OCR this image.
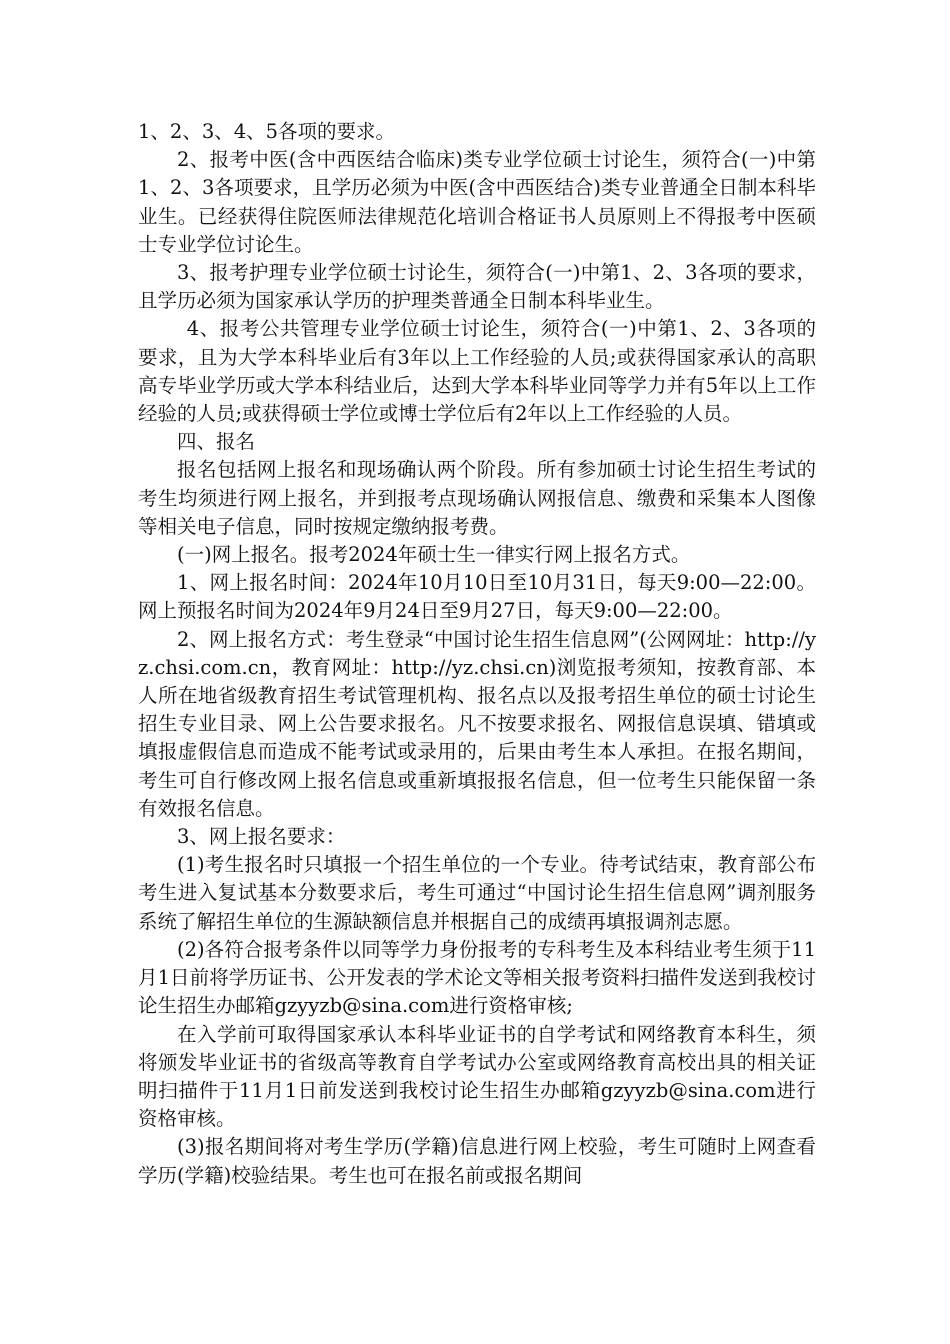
1、2、3、4、5各项的要求。

2、报考中医(含中西医结合临床)类专业学位硕士讨论生，须符合(一)中第1、2、3各项要求，且学历必须为中医(含中西医结合)类专业普通全日制本科毕业生。已经获得住院医师法律规范化培训合格证书人员原则上不得报考中医硕士专业学位讨论生。

3、报考护理专业学位硕士讨论生，须符合(一)中第1、2、3各项的要求，且学历必须为国家承认学历的护理类普通全日制本科毕业生。

4、报考公共管理专业学位硕士讨论生，须符合(一)中第1、2、3各项的要求，且为大学本科毕业后有3年以上工作经验的人员;或获得国家承认的高职高专毕业学历或大学本科结业后，达到大学本科毕业同等学力并有5年以上工作经验的人员;或获得硕士学位或博士学位后有2年以上工作经验的人员。

四、报名

报名包括网上报名和现场确认两个阶段。所有参加硕士讨论生招生考试的考生均须进行网上报名，并到报考点现场确认网报信息、缴费和采集本人图像等相关电子信息，同时按规定缴纳报考费。

(一)网上报名。报考2024年硕士生一律实行网上报名方式。

1、网上报名时间：2024年10月10日至10月31日，每天9:00—22:00。网上预报名时间为2024年9月24日至9月27日，每天9:00—22:00。

2、网上报名方式：考生登录“中国讨论生招生信息网”(公网网址：http://yz.chsi.com.cn，教育网址：http://yz.chsi.cn)浏览报考须知，按教育部、本人所在地省级教育招生考试管理机构、报名点以及报考招生单位的硕士讨论生招生专业目录、网上公告要求报名。凡不按要求报名、网报信息误填、错填或填报虚假信息而造成不能考试或录用的，后果由考生本人承担。在报名期间，考生可自行修改网上报名信息或重新填报报名信息，但一位考生只能保留一条有效报名信息。

3、网上报名要求：

(1)考生报名时只填报一个招生单位的一个专业。待考试结束，教育部公布考生进入复试基本分数要求后，考生可通过“中国讨论生招生信息网”调剂服务系统了解招生单位的生源缺额信息并根据自己的成绩再填报调剂志愿。

(2)各符合报考条件以同等学力身份报考的专科考生及本科结业考生须于11月1日前将学历证书、公开发表的学术论文等相关报考资料扫描件发送到我校讨论生招生办邮箱gzyyzb@sina.com进行资格审核;

在入学前可取得国家承认本科毕业证书的自学考试和网络教育本科生，须将颁发毕业证书的省级高等教育自学考试办公室或网络教育高校出具的相关证明扫描件于11月1日前发送到我校讨论生招生办邮箱gzyyzb@sina.com进行资格审核。

(3)报名期间将对考生学历(学籍)信息进行网上校验，考生可随时上网查看学历(学籍)校验结果。考生也可在报名前或报名期间
